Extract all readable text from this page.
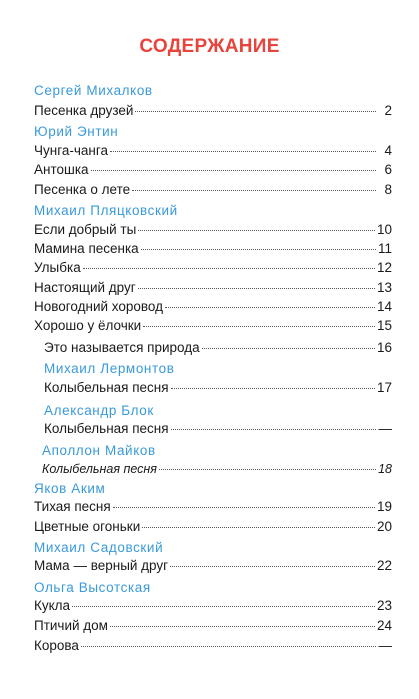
СОДЕРЖАНИЕ
Сергей Михалков
Песенка друзей	2
Юрий Энтин
Чунга-чанга	4
Антошка	6
Песенка о лете	8
Михаил Пляцковский
Если добрый ты	10
Мамина песенка	11
Улыбка	12
Настоящий друг	13
Новогодний хоровод	14
Хорошо у ёлочки	15
Это называется природа	16
Михаил Лермонтов
Колыбельная песня	17
Александр Блок
Колыбельная песня	—
Аполлон Майков
Колыбельная песня	18
Яков Аким
Тихая песня	19
Цветные огоньки	20
Михаил Садовский
Мама — верный друг	22
Ольга Высотская
Кукла	23
Птичий дом	24
Корова	—
